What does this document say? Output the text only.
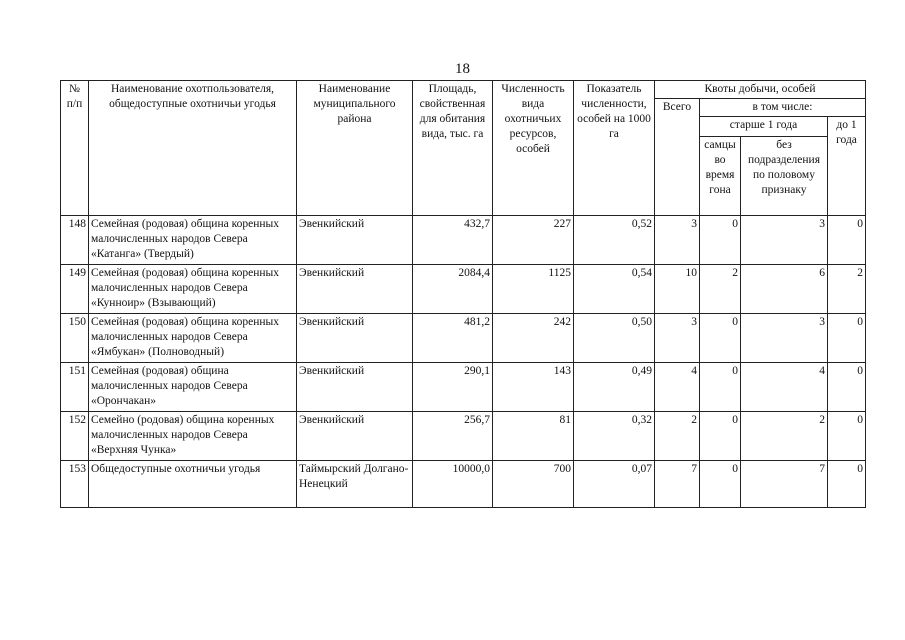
18
№ п/п	Наименование охотпользователя, общедоступные охотничьи угодья	Наименование муниципального района	Площадь, свойственная для обитания вида, тыс. га	Численность вида охотничьих ресурсов, особей	Показатель численности, особей на 1000 га	Квоты добычи, особей			
						Всего	в том числе:		
							старше 1 года		до 1 года
							самцы во время гона	без подразделения по половому признаку	
148	Семейная (родовая) община коренных малочисленных народов Севера «Катанга» (Твердый)	Эвенкийский	432,7	227	0,52	3	0	3	0
149	Семейная (родовая) община коренных малочисленных народов Севера «Кунноир» (Взывающий)	Эвенкийский	2084,4	1125	0,54	10	2	6	2
150	Семейная (родовая) община коренных малочисленных народов Севера «Ямбукан» (Полноводный)	Эвенкийский	481,2	242	0,50	3	0	3	0
151	Семейная (родовая) община малочисленных народов Севера «Орончакан»	Эвенкийский	290,1	143	0,49	4	0	4	0
152	Семейно (родовая) община коренных малочисленных народов Севера «Верхняя Чунка»	Эвенкийский	256,7	81	0,32	2	0	2	0
153	Общедоступные охотничьи угодья	Таймырский Долгано-Ненецкий	10000,0	700	0,07	7	0	7	0
